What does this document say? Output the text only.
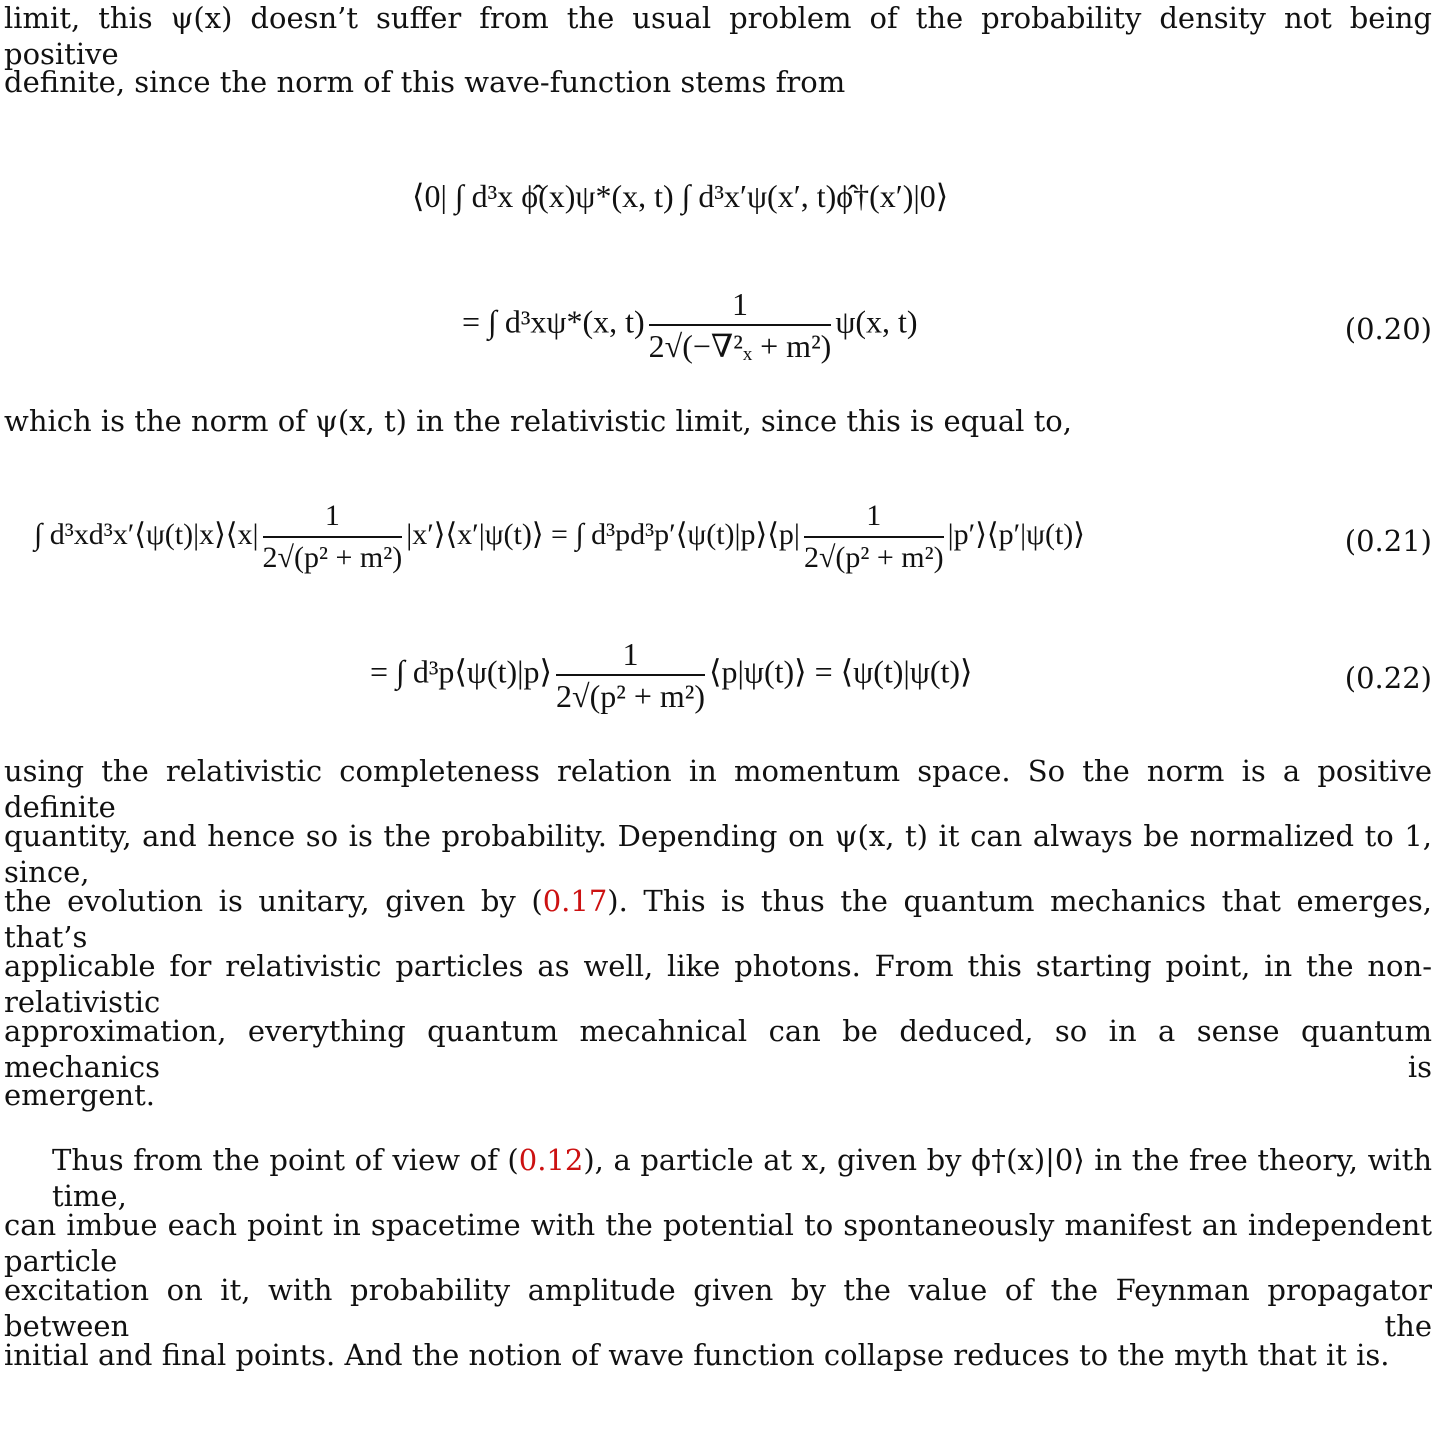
limit, this ψ(x) doesn’t suffer from the usual problem of the probability density not being positive
definite, since the norm of this wave-function stems from
⟨0| ∫ d³x ϕ̂(x)ψ*(x, t) ∫ d³x′ψ(x′, t)ϕ̂†(x′)|0⟩
= ∫ d³xψ*(x, $t) \frac{1}{\text{2√(−∇²ₓ + m²)}} \psi(x$, t)	(0.20)
which is the norm of ψ(x, t) in the relativistic limit, since this is equal to,
∫ d³xd³x′⟨ψ(t)|x⟩⟨x| $\frac{1}{\text{2√(p² + m²)}}$ |x′⟩⟨x′|ψ(t)⟩ = ∫ d³pd³p′⟨ψ(t)|p⟩⟨p| $\frac{1}{\text{2√(p² + m²)}}$ |p′⟩⟨p′|ψ(t)⟩	(0.21)
= ∫ d³p⟨ψ(t)|p⟩ $\frac{1}{\text{2√(p² + m²)}}$ ⟨p|ψ(t)⟩ = ⟨ψ(t)|ψ(t)⟩	(0.22)
using the relativistic completeness relation in momentum space. So the norm is a positive definite
quantity, and hence so is the probability. Depending on ψ(x, t) it can always be normalized to 1, since,
the evolution is unitary, given by (0.17). This is thus the quantum mechanics that emerges, that’s
applicable for relativistic particles as well, like photons. From this starting point, in the non-relativistic
approximation, everything quantum mecahnical can be deduced, so in a sense quantum mechanics is
emergent.
Thus from the point of view of (0.12), a particle at x, given by ϕ†(x)|0⟩ in the free theory, with time,
can imbue each point in spacetime with the potential to spontaneously manifest an independent particle
excitation on it, with probability amplitude given by the value of the Feynman propagator between the
initial and final points. And the notion of wave function collapse reduces to the myth that it is.
